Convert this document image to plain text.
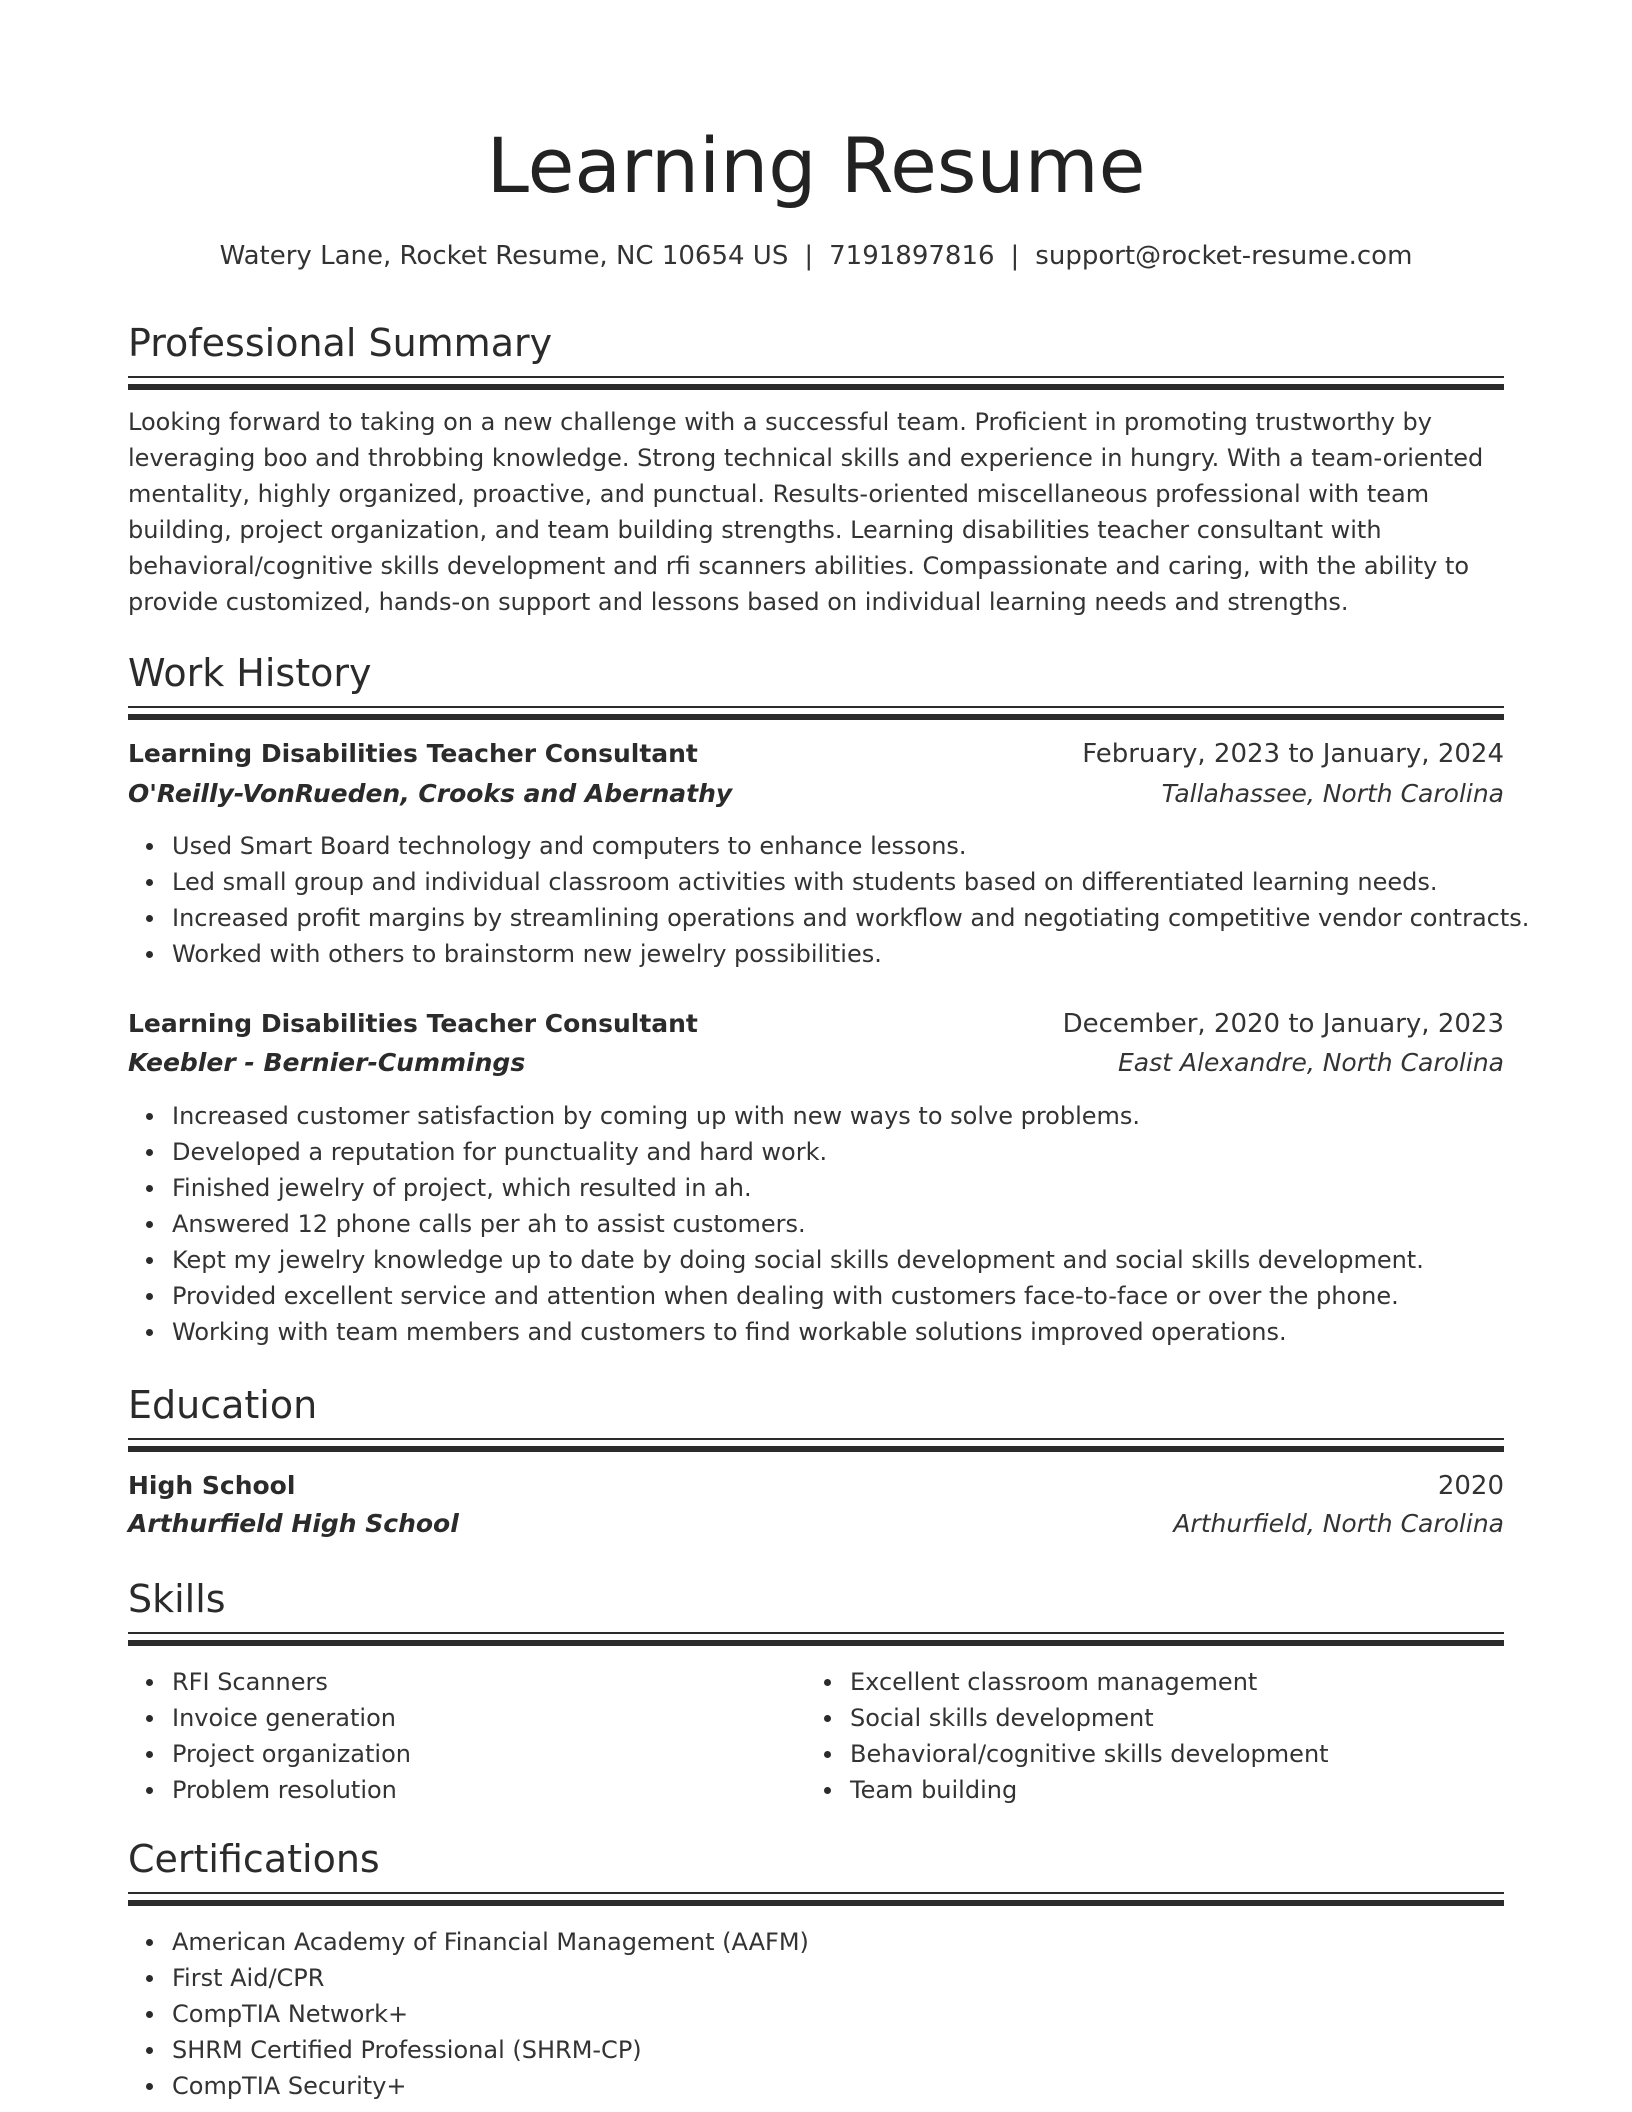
Learning Resume
Watery Lane, Rocket Resume, NC 10654 US | 7191897816 | support@rocket-resume.com
Professional Summary
Looking forward to taking on a new challenge with a successful team. Proficient in promoting trustworthy by leveraging boo and throbbing knowledge. Strong technical skills and experience in hungry. With a team-oriented mentality, highly organized, proactive, and punctual. Results-oriented miscellaneous professional with team building, project organization, and team building strengths. Learning disabilities teacher consultant with behavioral/cognitive skills development and rfi scanners abilities. Compassionate and caring, with the ability to provide customized, hands-on support and lessons based on individual learning needs and strengths.
Work History
Learning Disabilities Teacher Consultant	February, 2023 to January, 2024
O'Reilly-VonRueden, Crooks and Abernathy	Tallahassee, North Carolina
Used Smart Board technology and computers to enhance lessons.
Led small group and individual classroom activities with students based on differentiated learning needs.
Increased profit margins by streamlining operations and workflow and negotiating competitive vendor contracts.
Worked with others to brainstorm new jewelry possibilities.
Learning Disabilities Teacher Consultant	December, 2020 to January, 2023
Keebler - Bernier-Cummings	East Alexandre, North Carolina
Increased customer satisfaction by coming up with new ways to solve problems.
Developed a reputation for punctuality and hard work.
Finished jewelry of project, which resulted in ah.
Answered 12 phone calls per ah to assist customers.
Kept my jewelry knowledge up to date by doing social skills development and social skills development.
Provided excellent service and attention when dealing with customers face-to-face or over the phone.
Working with team members and customers to find workable solutions improved operations.
Education
High School	2020
Arthurfield High School	Arthurfield, North Carolina
Skills
RFI Scanners
Invoice generation
Project organization
Problem resolution
Excellent classroom management
Social skills development
Behavioral/cognitive skills development
Team building
Certifications
American Academy of Financial Management (AAFM)
First Aid/CPR
CompTIA Network+
SHRM Certified Professional (SHRM-CP)
CompTIA Security+
